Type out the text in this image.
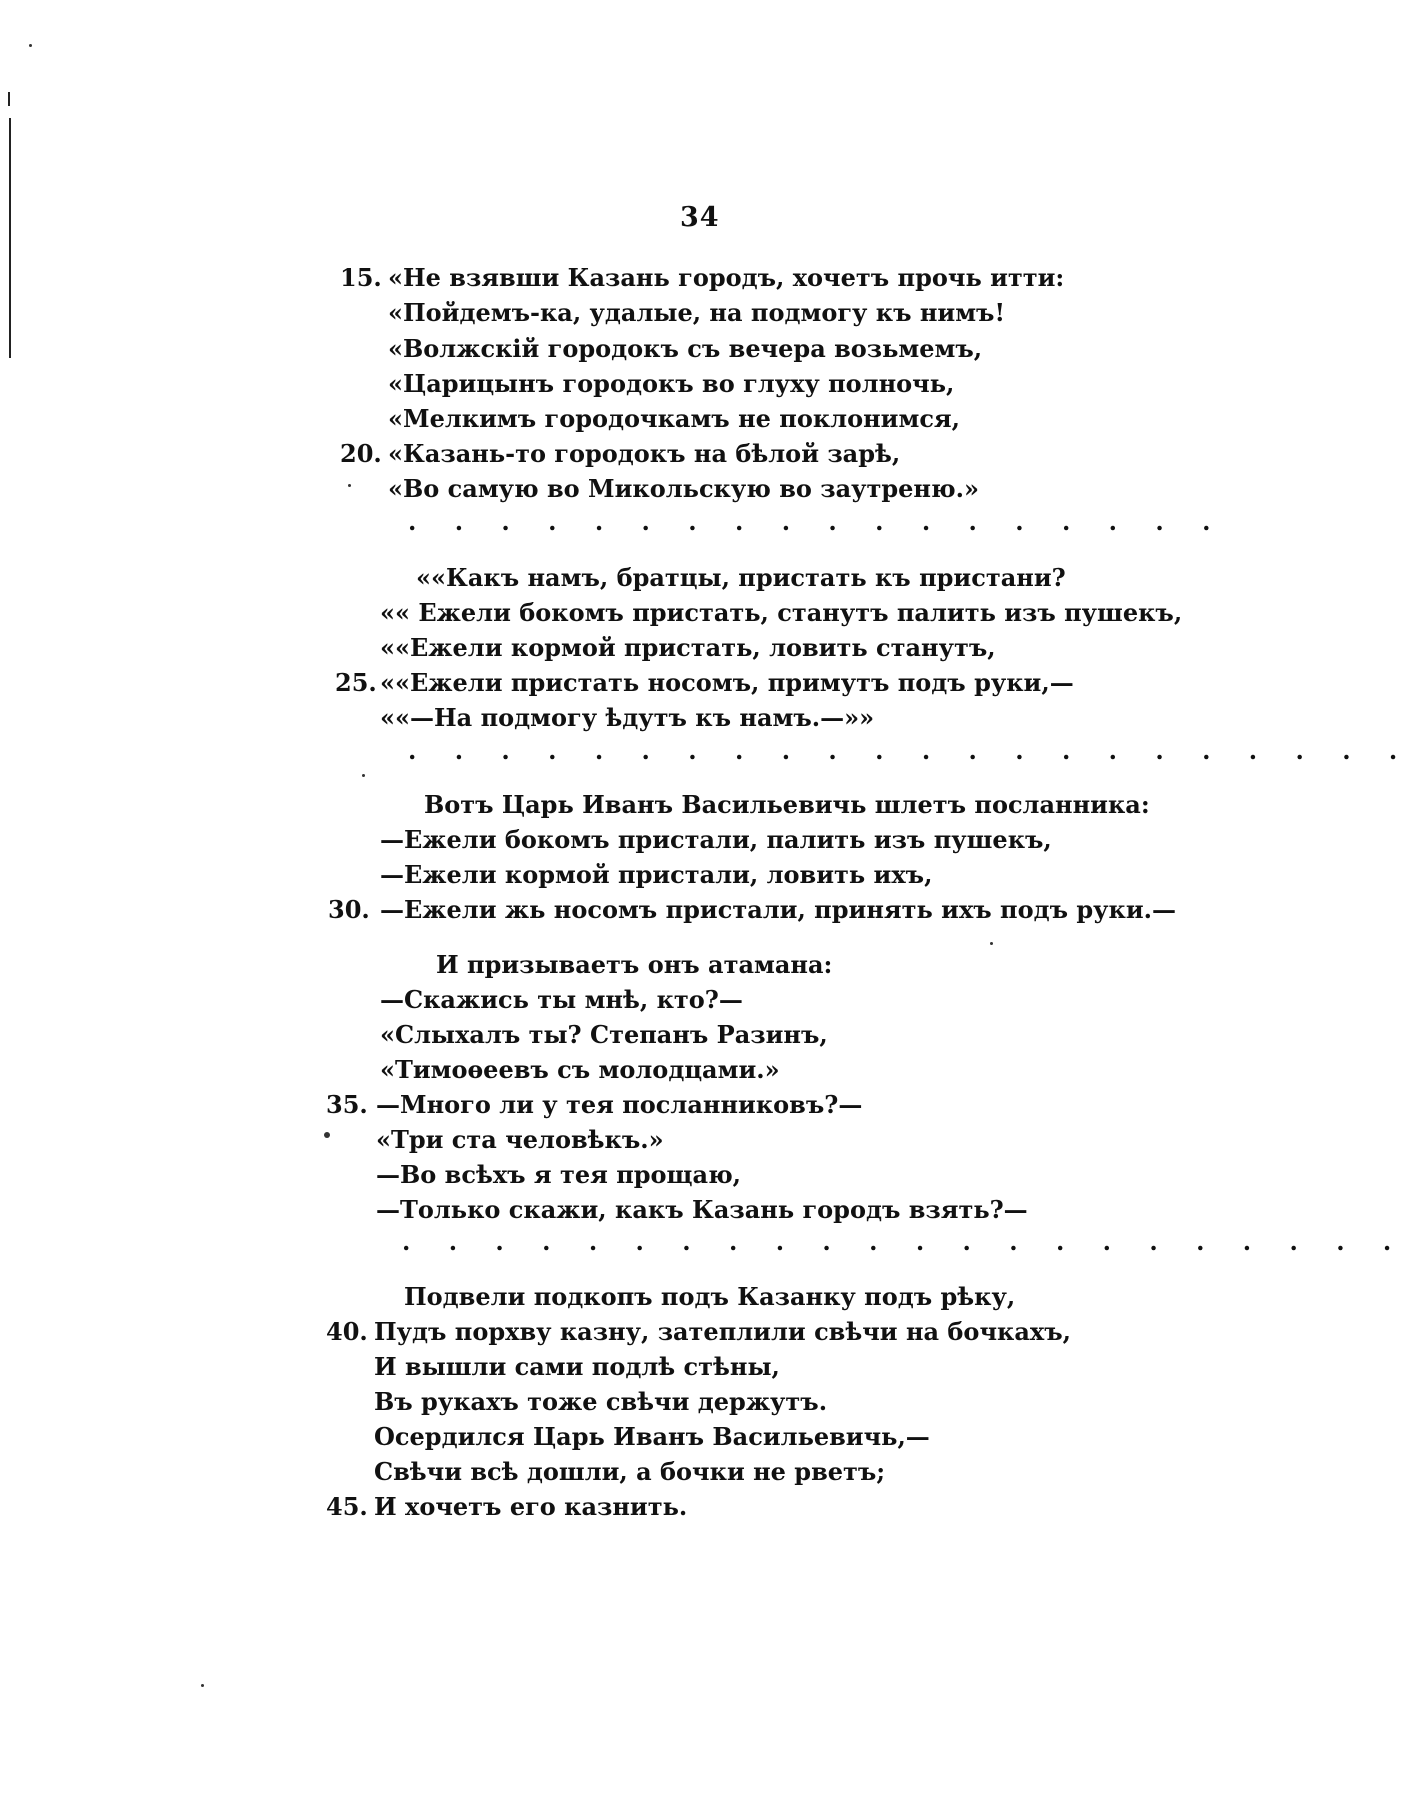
34
15. «Не взявши Казань городъ, хочетъ прочь итти:
«Пойдемъ-ка, удалые, на подмогу къ нимъ!
«Волжскій городокъ съ вечера возьмемъ,
«Царицынъ городокъ во глуху полночь,
«Мелкимъ городочкамъ не поклонимся,
20. «Казань-то городокъ на бѣлой зарѣ,
«Во самую во Микольскую во заутреню.»
. . . . . . . . . . . . . . . . . .
««Какъ намъ, братцы, пристать къ пристани?
«« Ежели бокомъ пристать, станутъ палить изъ пушекъ,
««Ежели кормой пристать, ловить станутъ,
25. ««Ежели пристать носомъ, примутъ подъ руки,—
««—На подмогу ѣдутъ къ намъ.—»»
. . . . . . . . . . . . . . . . . . . . . .
Вотъ Царь Иванъ Васильевичь шлетъ посланника:
—Ежели бокомъ пристали, палить изъ пушекъ,
—Ежели кормой пристали, ловить ихъ,
30. —Ежели жь носомъ пристали, принять ихъ подъ руки.—
И призываетъ онъ атамана:
—Скажись ты мнѣ, кто?—
«Слыхалъ ты? Степанъ Разинъ,
«Тимоѳеевъ съ молодцами.»
35. —Много ли у тея посланниковъ?—
«Три ста человѣкъ.»
—Во всѣхъ я тея прощаю,
—Только скажи, какъ Казань городъ взять?—
. . . . . . . . . . . . . . . . . . . . . .
Подвели подкопъ подъ Казанку подъ рѣку,
40. Пудъ порхву казну, затеплили свѣчи на бочкахъ,
И вышли сами подлѣ стѣны,
Въ рукахъ тоже свѣчи держутъ.
Осердился Царь Иванъ Васильевичь,—
Свѣчи всѣ дошли, а бочки не рветъ;
45. И хочетъ его казнить.
